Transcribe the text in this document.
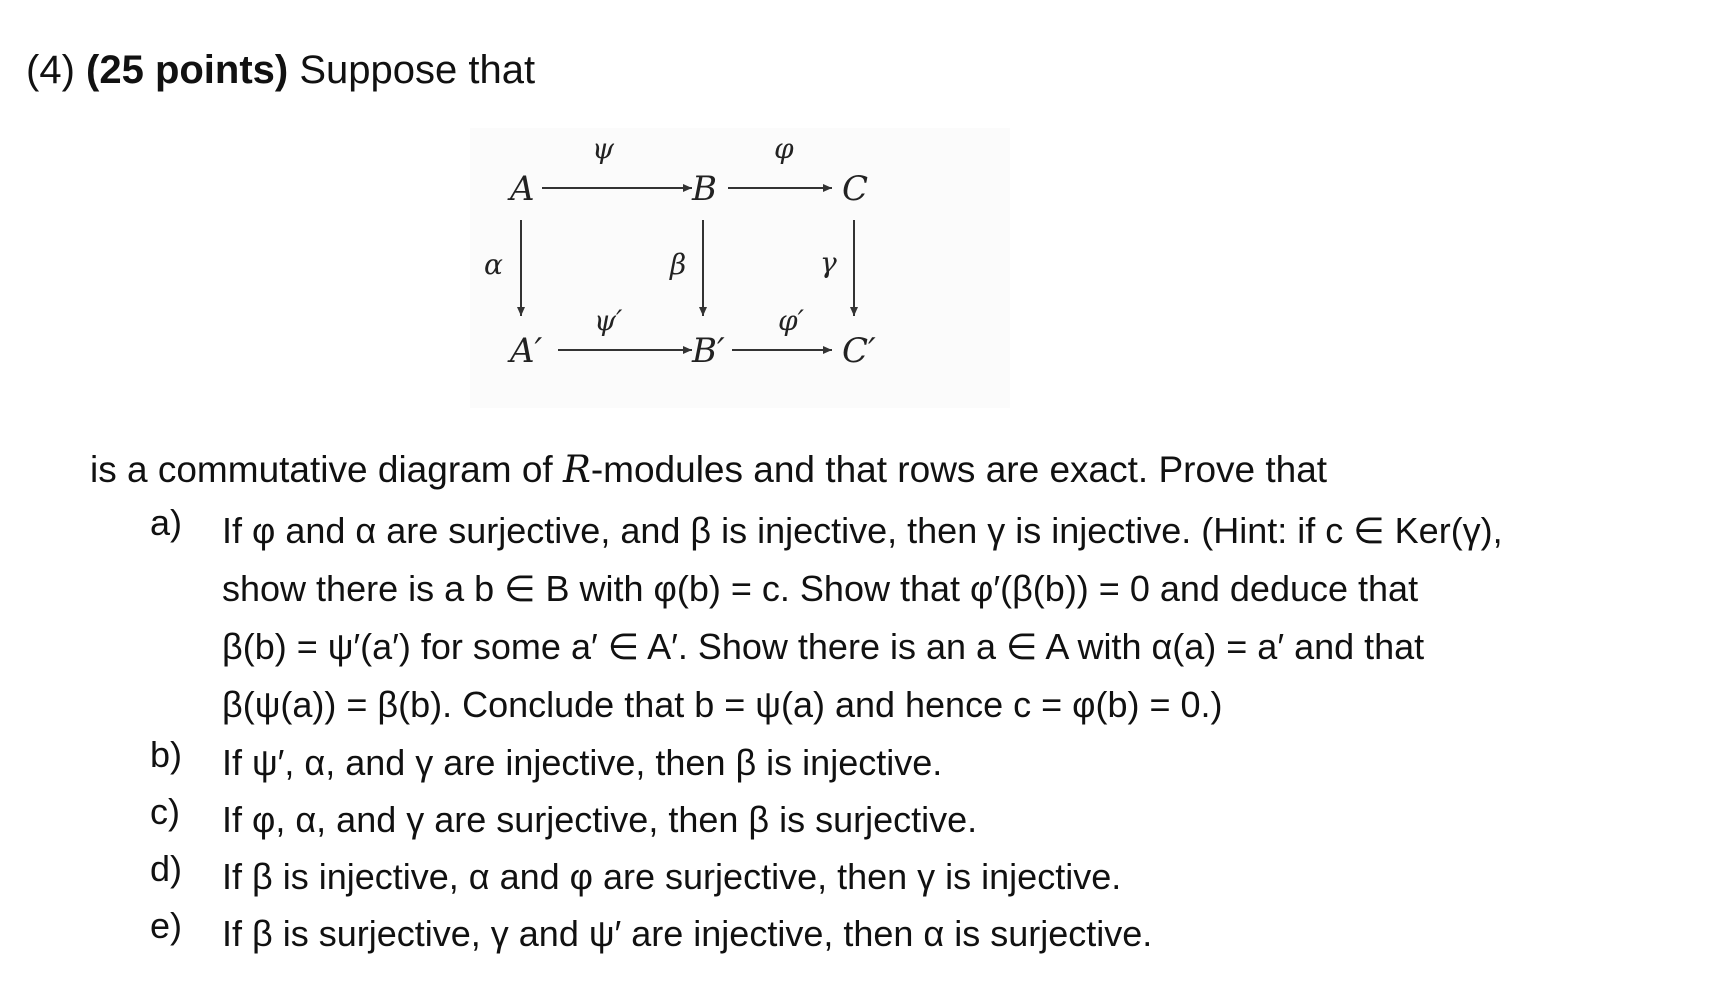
(4) (25 points) Suppose that
A	B	C
A′	B′	C′
ψ	φ
α	β	γ
ψ′	φ′
is a commutative diagram of R-modules and that rows are exact. Prove that
a) If φ and α are surjective, and β is injective, then γ is injective. (Hint: if c ∈ Ker(γ),
show there is a b ∈ B with φ(b) = c. Show that φ′(β(b)) = 0 and deduce that
β(b) = ψ′(a′) for some a′ ∈ A′. Show there is an a ∈ A with α(a) = a′ and that
β(ψ(a)) = β(b). Conclude that b = ψ(a) and hence c = φ(b) = 0.)
b) If ψ′, α, and γ are injective, then β is injective.
c) If φ, α, and γ are surjective, then β is surjective.
d) If β is injective, α and φ are surjective, then γ is injective.
e) If β is surjective, γ and ψ′ are injective, then α is surjective.
